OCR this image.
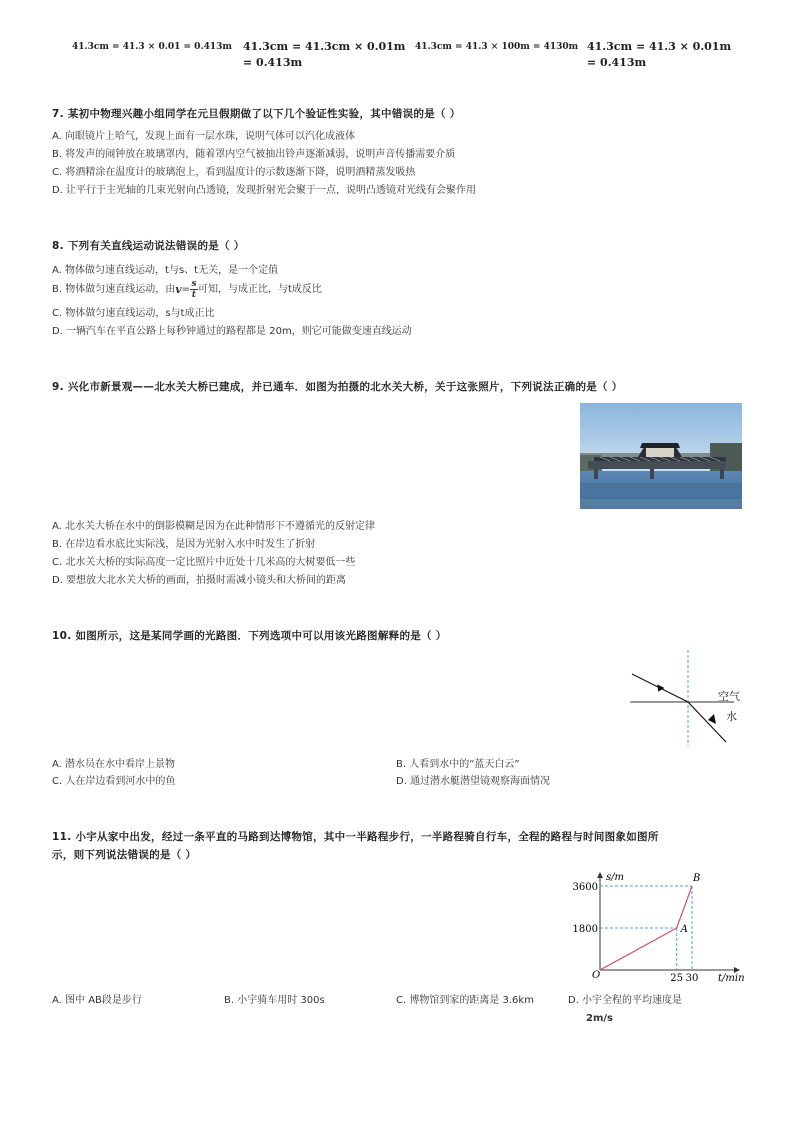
41.3cm = 41.3 × 0.01 = 0.413m 41.3cm = 41.3cm × 0.01m
= 0.413m
41.3cm = 41.3 × 100m = 4130m 41.3cm = 41.3 × 0.01m
= 0.413m
7. 某初中物理兴趣小组同学在元旦假期做了以下几个验证性实验，其中错误的是（ ）
A. 向眼镜片上哈气，发现上面有一层水珠，说明气体可以汽化成液体
B. 将发声的闹钟放在玻璃罩内，随着罩内空气被抽出铃声逐渐减弱，说明声音传播需要介质
C. 将酒精涂在温度计的玻璃泡上，看到温度计的示数逐渐下降，说明酒精蒸发吸热
D. 让平行于主光轴的几束光射向凸透镜，发现折射光会聚于一点，说明凸透镜对光线有会聚作用
8. 下列有关直线运动说法错误的是（ ）
A. 物体做匀速直线运动，t与s、t无关，是一个定值
B. 物体做匀速直线运动，由 v = s
t
可知，与成正比，与t成反比
C. 物体做匀速直线运动，s与t成正比
D. 一辆汽车在平直公路上每秒钟通过的路程都是 20m，则它可能做变速直线运动
9. 兴化市新景观——北水关大桥已建成，并已通车．如图为拍摄的北水关大桥，关于这张照片，下列说法正确的是（ ）
A. 北水关大桥在水中的倒影模糊是因为在此种情形下不遵循光的反射定律
B. 在岸边看水底比实际浅，是因为光射入水中时发生了折射
C. 北水关大桥的实际高度一定比照片中近处十几米高的大树要低一些
D. 要想放大北水关大桥的画面，拍摄时需减小镜头和大桥间的距离
10. 如图所示，这是某同学画的光路图．下列选项中可以用该光路图解释的是（ ）
空气
水
A. 潜水员在水中看岸上景物	B. 人看到水中的“蓝天白云”
C. 人在岸边看到河水中的鱼	D. 通过潜水艇潜望镜观察海面情况
11. 小宇从家中出发，经过一条平直的马路到达博物馆，其中一半路程步行，一半路程骑自行车，全程的路程与时间图象如图所
示，则下列说法错误的是（ ）
s/m
t/min
3600
1800
25 30
O
A
B
A. 图中 AB段是步行	B. 小宇骑车用时 300s	C. 博物馆到家的距离是 3.6km	D. 小宇全程的平均速度是
2m/s
